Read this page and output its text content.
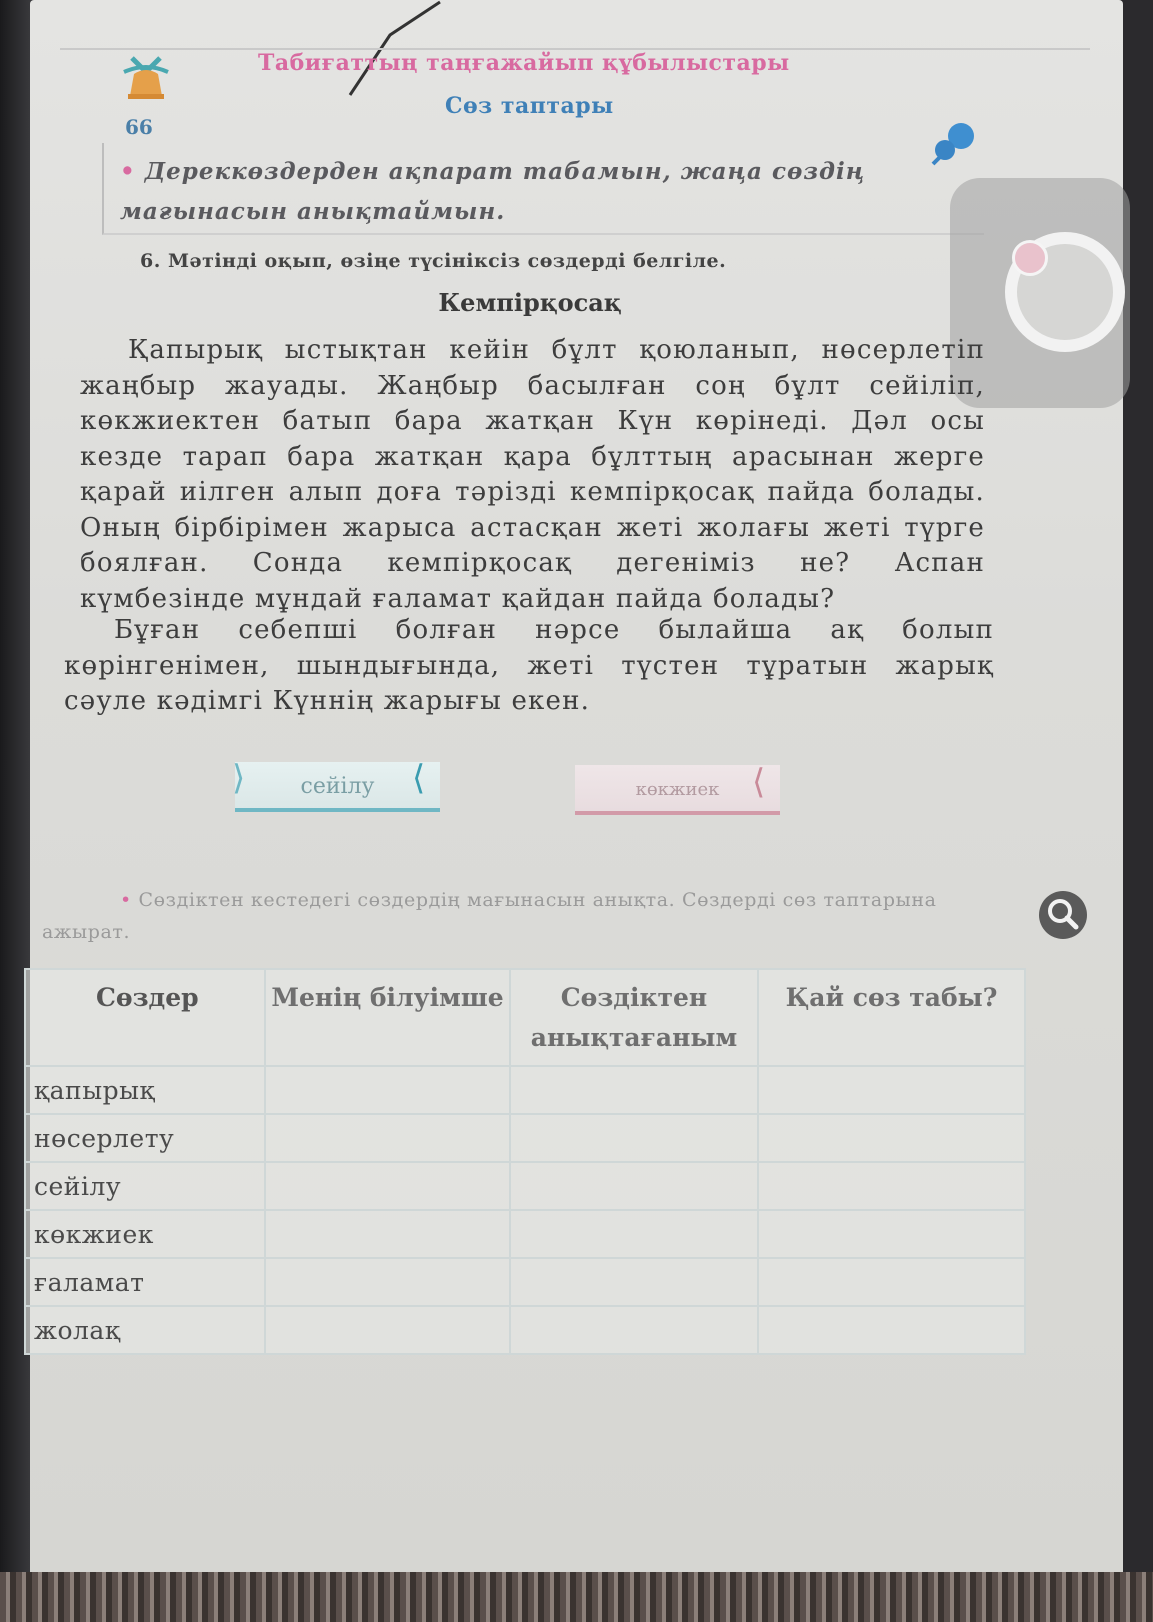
66
Табиғаттың таңғажайып құбылыстары
Сөз таптары
• Дереккөздерден ақпарат табамын, жаңа сөздің мағынасын анықтаймын.
6. Мәтінді оқып, өзіңе түсініксіз сөздерді белгіле.
Кемпірқосақ
Қапырық ыстықтан кейін бұлт қоюланып, нөсерлетіп жаңбыр жауады. Жаңбыр басылған соң бұлт сейіліп, көкжиектен батып бара жатқан Күн көрінеді. Дәл осы кезде тарап бара жатқан қара бұлттың арасынан жерге қарай иілген алып доға тәрізді кемпірқосақ пайда болады. Оның бірбірімен жарыса астасқан жеті жолағы жеті түрге боялған. Сонда кемпірқосақ дегеніміз не? Аспан күмбезінде мұндай ғаламат қайдан пайда болады?
Бұған себепші болған нәрсе былайша ақ болып көрінгенімен, шындығында, жеті түстен тұратын жарық сәуле кәдімгі Күннің жарығы екен.
сейілу
⟩	⟨	көкжиек ⟨
• Сөздіктен кестедегі сөздердің мағынасын анықта. Сөздерді сөз таптарына ажырат.
Сөздер	Менің білуімше	Сөздіктен анықтағаным	Қай сөз табы?
қапырық			
нөсерлету			
сейілу			
көкжиек			
ғаламат			
жолақ			
